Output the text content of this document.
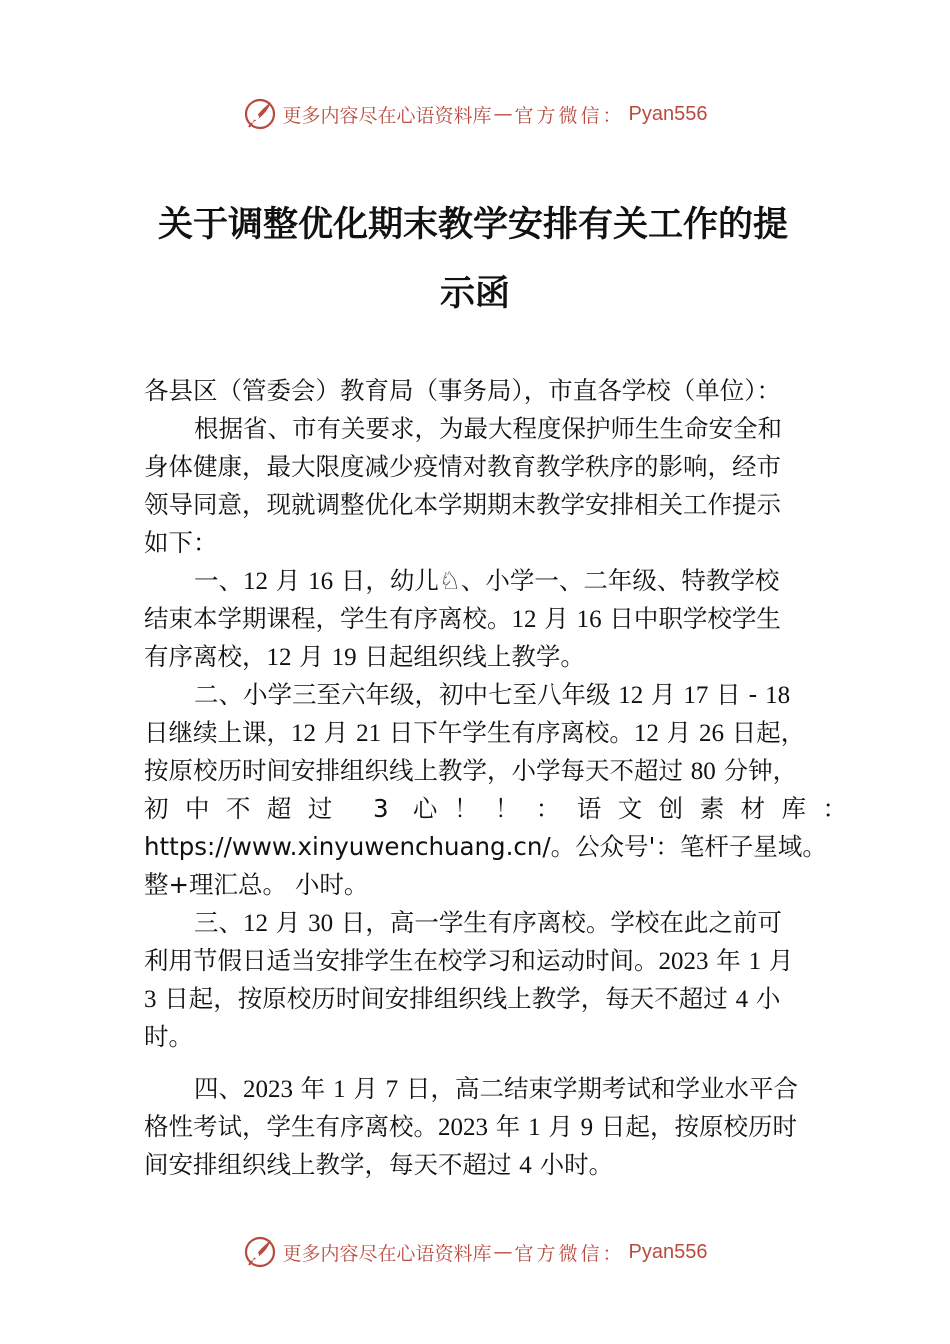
更多内容尽在心语资料库 — 官方微信： Pyan556
关于调整优化期末教学安排有关工作的提
示函
各县区（管委会）教育局（事务局），市直各学校（单位）：
根据省、市有关要求，为最大程度保护师生生命安全和
身体健康，最大限度减少疫情对教育教学秩序的影响，经市
领导同意，现就调整优化本学期期末教学安排相关工作提示
如下：
一、12 月 16 日，幼儿♘、小学一、二年级、特教学校
结束本学期课程，学生有序离校。12 月 16 日中职学校学生
有序离校，12 月 19 日起组织线上教学。
二、小学三至六年级，初中七至八年级 12 月 17 日 - 18
日继续上课，12 月 21 日下午学生有序离校。12 月 26 日起，
按原校历时间安排组织线上教学，小学每天不超过 80 分钟，
初中不超过 3 心！！：语文创素材库：
https://www.xinyuwenchuang.cn/。公众号'：笔杆子星域。
整+理汇总。 小时。
三、12 月 30 日，高一学生有序离校。学校在此之前可
利用节假日适当安排学生在校学习和运动时间。2023 年 1 月
3 日起，按原校历时间安排组织线上教学，每天不超过 4 小
时。
四、2023 年 1 月 7 日，高二结束学期考试和学业水平合
格性考试，学生有序离校。2023 年 1 月 9 日起，按原校历时
间安排组织线上教学，每天不超过 4 小时。
更多内容尽在心语资料库 — 官方微信： Pyan556
